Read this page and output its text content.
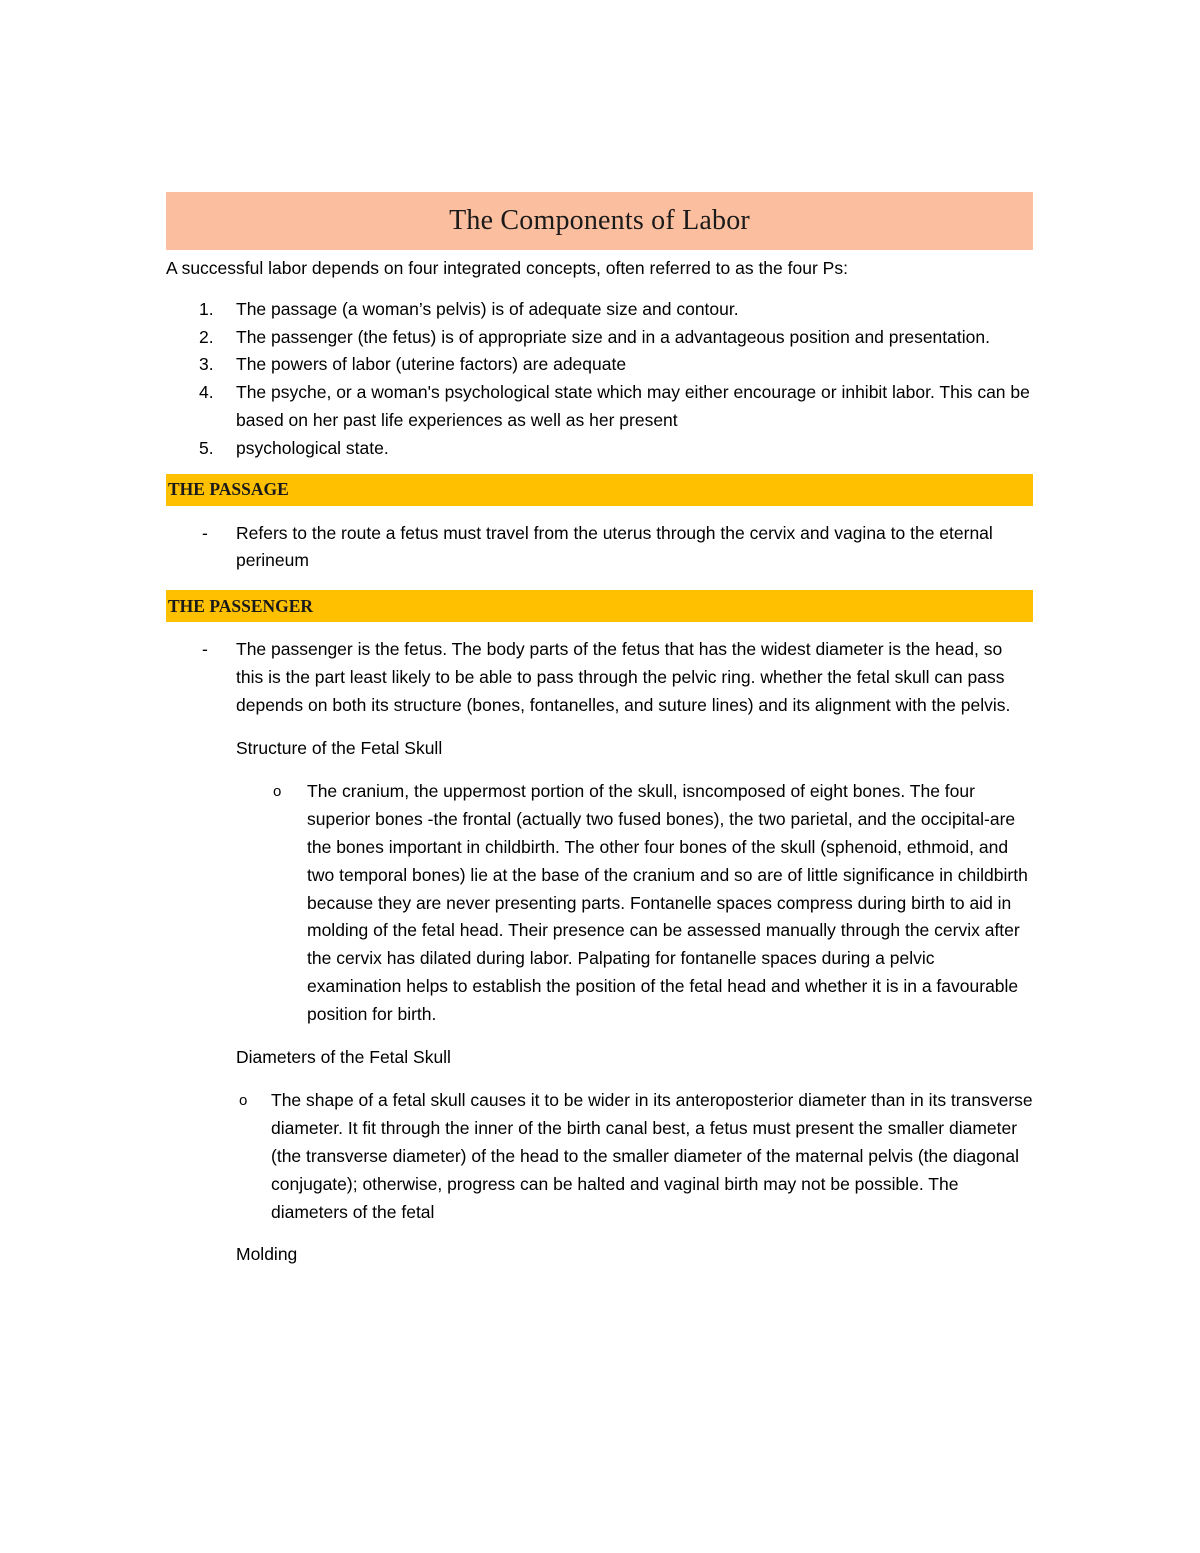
The Components of Labor

A successful labor depends on four integrated concepts, often referred to as the four Ps:

1. The passage (a woman’s pelvis) is of adequate size and contour.
2. The passenger (the fetus) is of appropriate size and in a advantageous position and presentation.
3. The powers of labor (uterine factors) are adequate
4. The psyche, or a woman's psychological state which may either encourage or inhibit labor. This can be based on her past life experiences as well as her present
5. psychological state.
THE PASSAGE
- Refers to the route a fetus must travel from the uterus through the cervix and vagina to the eternal perineum
THE PASSENGER
- The passenger is the fetus. The body parts of the fetus that has the widest diameter is the head, so this is the part least likely to be able to pass through the pelvic ring. whether the fetal skull can pass depends on both its structure (bones, fontanelles, and suture lines) and its alignment with the pelvis.

Structure of the Fetal Skull

o The cranium, the uppermost portion of the skull, isncomposed of eight bones. The four superior bones -the frontal (actually two fused bones), the two parietal, and the occipital-are the bones important in childbirth. The other four bones of the skull (sphenoid, ethmoid, and two temporal bones) lie at the base of the cranium and so are of little significance in childbirth because they are never presenting parts. Fontanelle spaces compress during birth to aid in molding of the fetal head. Their presence can be assessed manually through the cervix after the cervix has dilated during labor. Palpating for fontanelle spaces during a pelvic examination helps to establish the position of the fetal head and whether it is in a favourable position for birth.

Diameters of the Fetal Skull

o The shape of a fetal skull causes it to be wider in its anteroposterior diameter than in its transverse diameter. It fit through the inner of the birth canal best, a fetus must present the smaller diameter (the transverse diameter) of the head to the smaller diameter of the maternal pelvis (the diagonal conjugate); otherwise, progress can be halted and vaginal birth may not be possible. The diameters of the fetal

Molding
